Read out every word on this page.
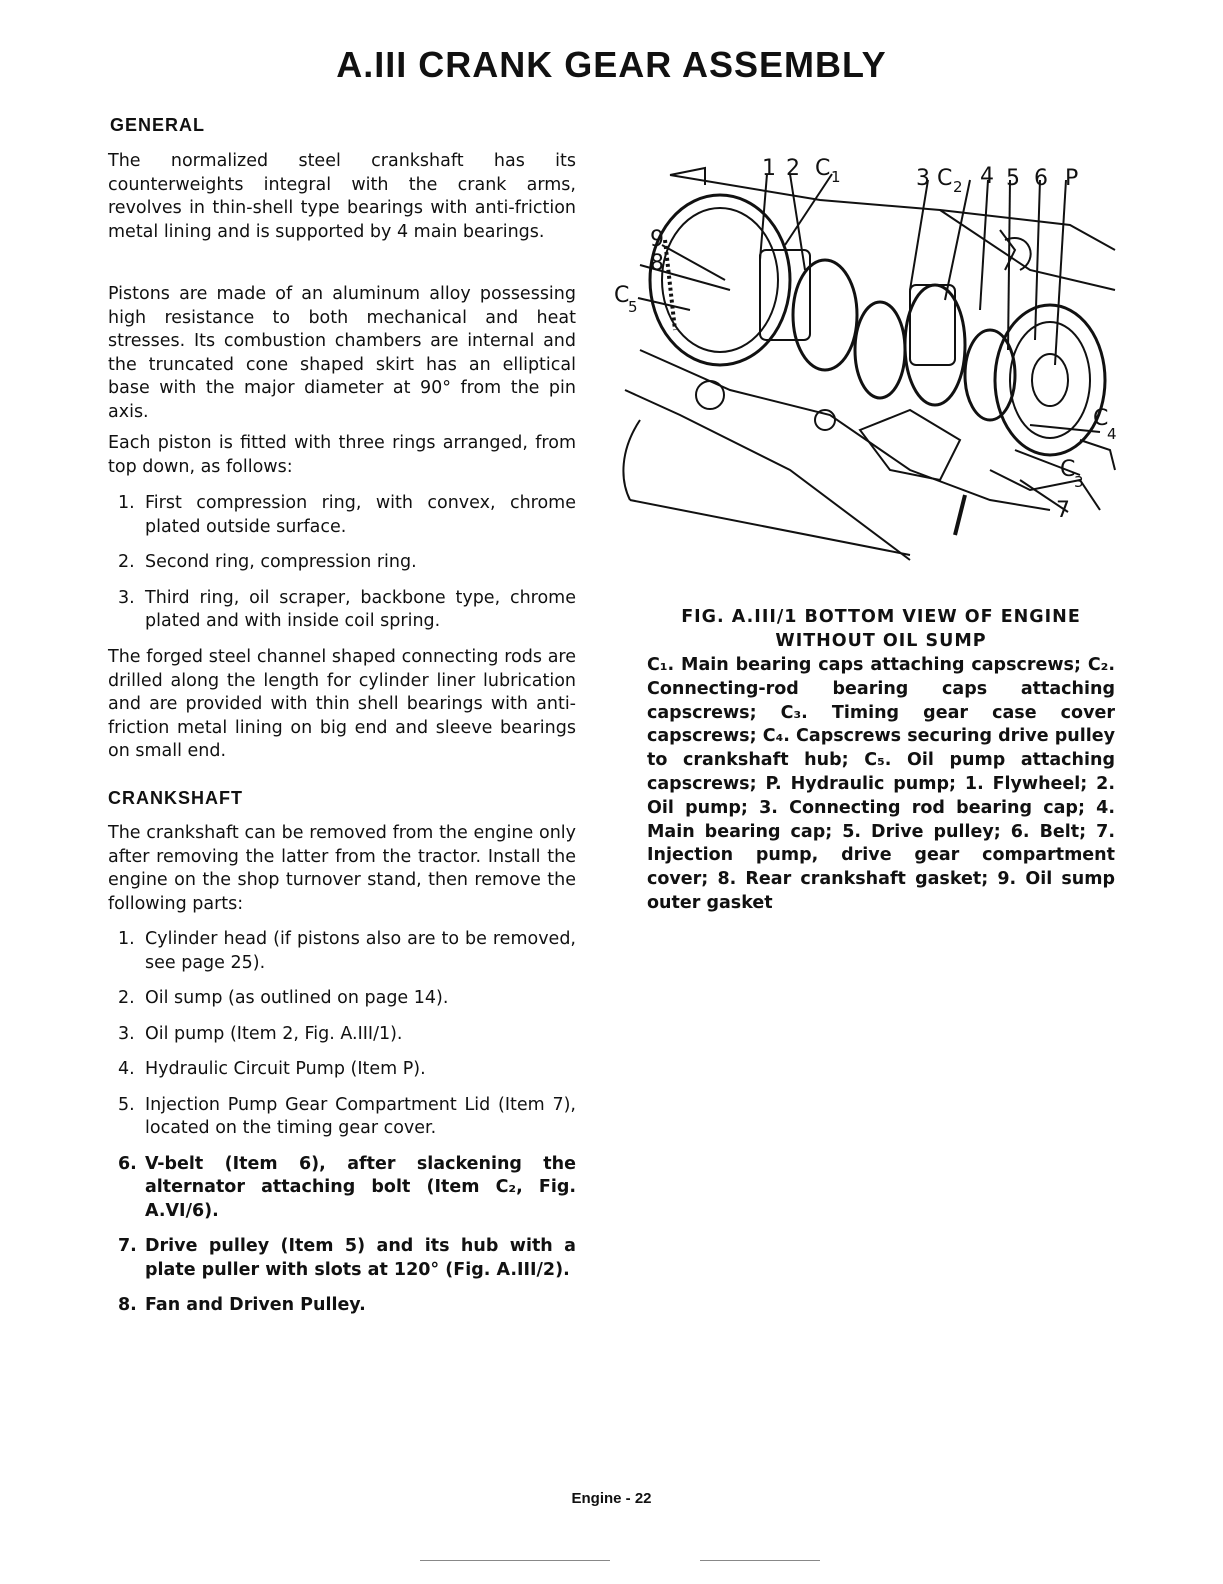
A.III CRANK GEAR ASSEMBLY
GENERAL

The normalized steel crankshaft has its counterweights integral with the crank arms, revolves in thin-shell type bearings with anti-friction metal lining and is supported by 4 main bearings.

Pistons are made of an aluminum alloy possessing high resistance to both mechanical and heat stresses. Its combustion chambers are internal and the truncated cone shaped skirt has an elliptical base with the major diameter at 90° from the pin axis.

Each piston is fitted with three rings arranged, from top down, as follows:

1. First compression ring, with convex, chrome plated outside surface.
2. Second ring, compression ring.
3. Third ring, oil scraper, backbone type, chrome plated and with inside coil spring.

The forged steel channel shaped connecting rods are drilled along the length for cylinder liner lubrication and are provided with thin shell bearings with anti-friction metal lining on big end and sleeve bearings on small end.

CRANKSHAFT

The crankshaft can be removed from the engine only after removing the latter from the tractor. Install the engine on the shop turnover stand, then remove the following parts:

1. Cylinder head (if pistons also are to be removed, see page 25).
2. Oil sump (as outlined on page 14).
3. Oil pump (Item 2, Fig. A.III/1).
4. Hydraulic Circuit Pump (Item P).
5. Injection Pump Gear Compartment Lid (Item 7), located on the timing gear cover.
6. V-belt (Item 6), after slackening the alternator attaching bolt (Item C₂, Fig. A.VI/6).
7. Drive pulley (Item 5) and its hub with a plate puller with slots at 120° (Fig. A.III/2).
8. Fan and Driven Pulley.
1 2 C 1	3 C 2 4 5 6 P
9
8
C
5
C
4
C
3
7

FIG. A.III/1 BOTTOM VIEW OF ENGINE WITHOUT OIL SUMP

C₁. Main bearing caps attaching capscrews; C₂. Connecting-rod bearing caps attaching capscrews; C₃. Timing gear case cover capscrews; C₄. Capscrews securing drive pulley to crankshaft hub; C₅. Oil pump attaching capscrews; P. Hydraulic pump; 1. Flywheel; 2. Oil pump; 3. Connecting rod bearing cap; 4. Main bearing cap; 5. Drive pulley; 6. Belt; 7. Injection pump, drive gear compartment cover; 8. Rear crankshaft gasket; 9. Oil sump outer gasket

Engine - 22
